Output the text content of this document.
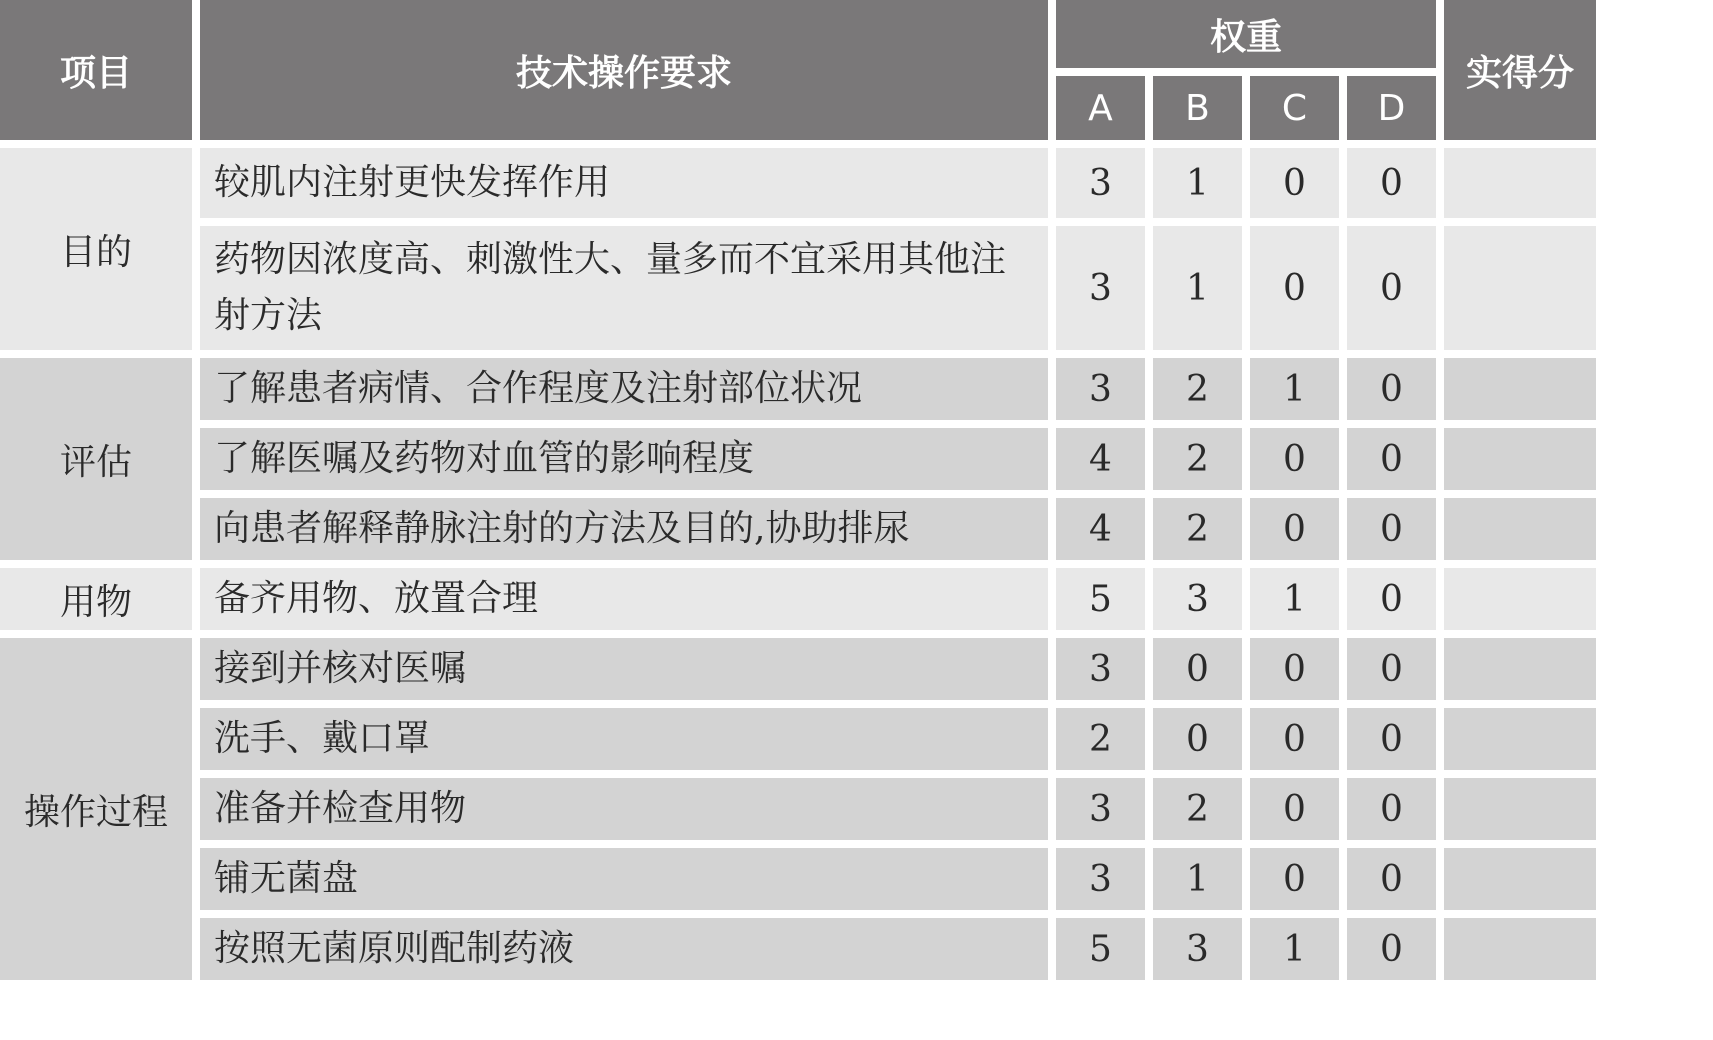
项目	技术操作要求	权重				实得分
		A	B	C	D	
目的	较肌内注射更快发挥作用	3	1	0	0	
	药物因浓度高、刺激性大、量多而不宜采用其他注射方法	3	1	0	0	
评估	了解患者病情、合作程度及注射部位状况	3	2	1	0	
	了解医嘱及药物对血管的影响程度	4	2	0	0	
	向患者解释静脉注射的方法及目的,协助排尿	4	2	0	0	
用物	备齐用物、放置合理	5	3	1	0	
操作过程	接到并核对医嘱	3	0	0	0	
	洗手、戴口罩	2	0	0	0	
	准备并检查用物	3	2	0	0	
	铺无菌盘	3	1	0	0	
	按照无菌原则配制药液	5	3	1	0	
